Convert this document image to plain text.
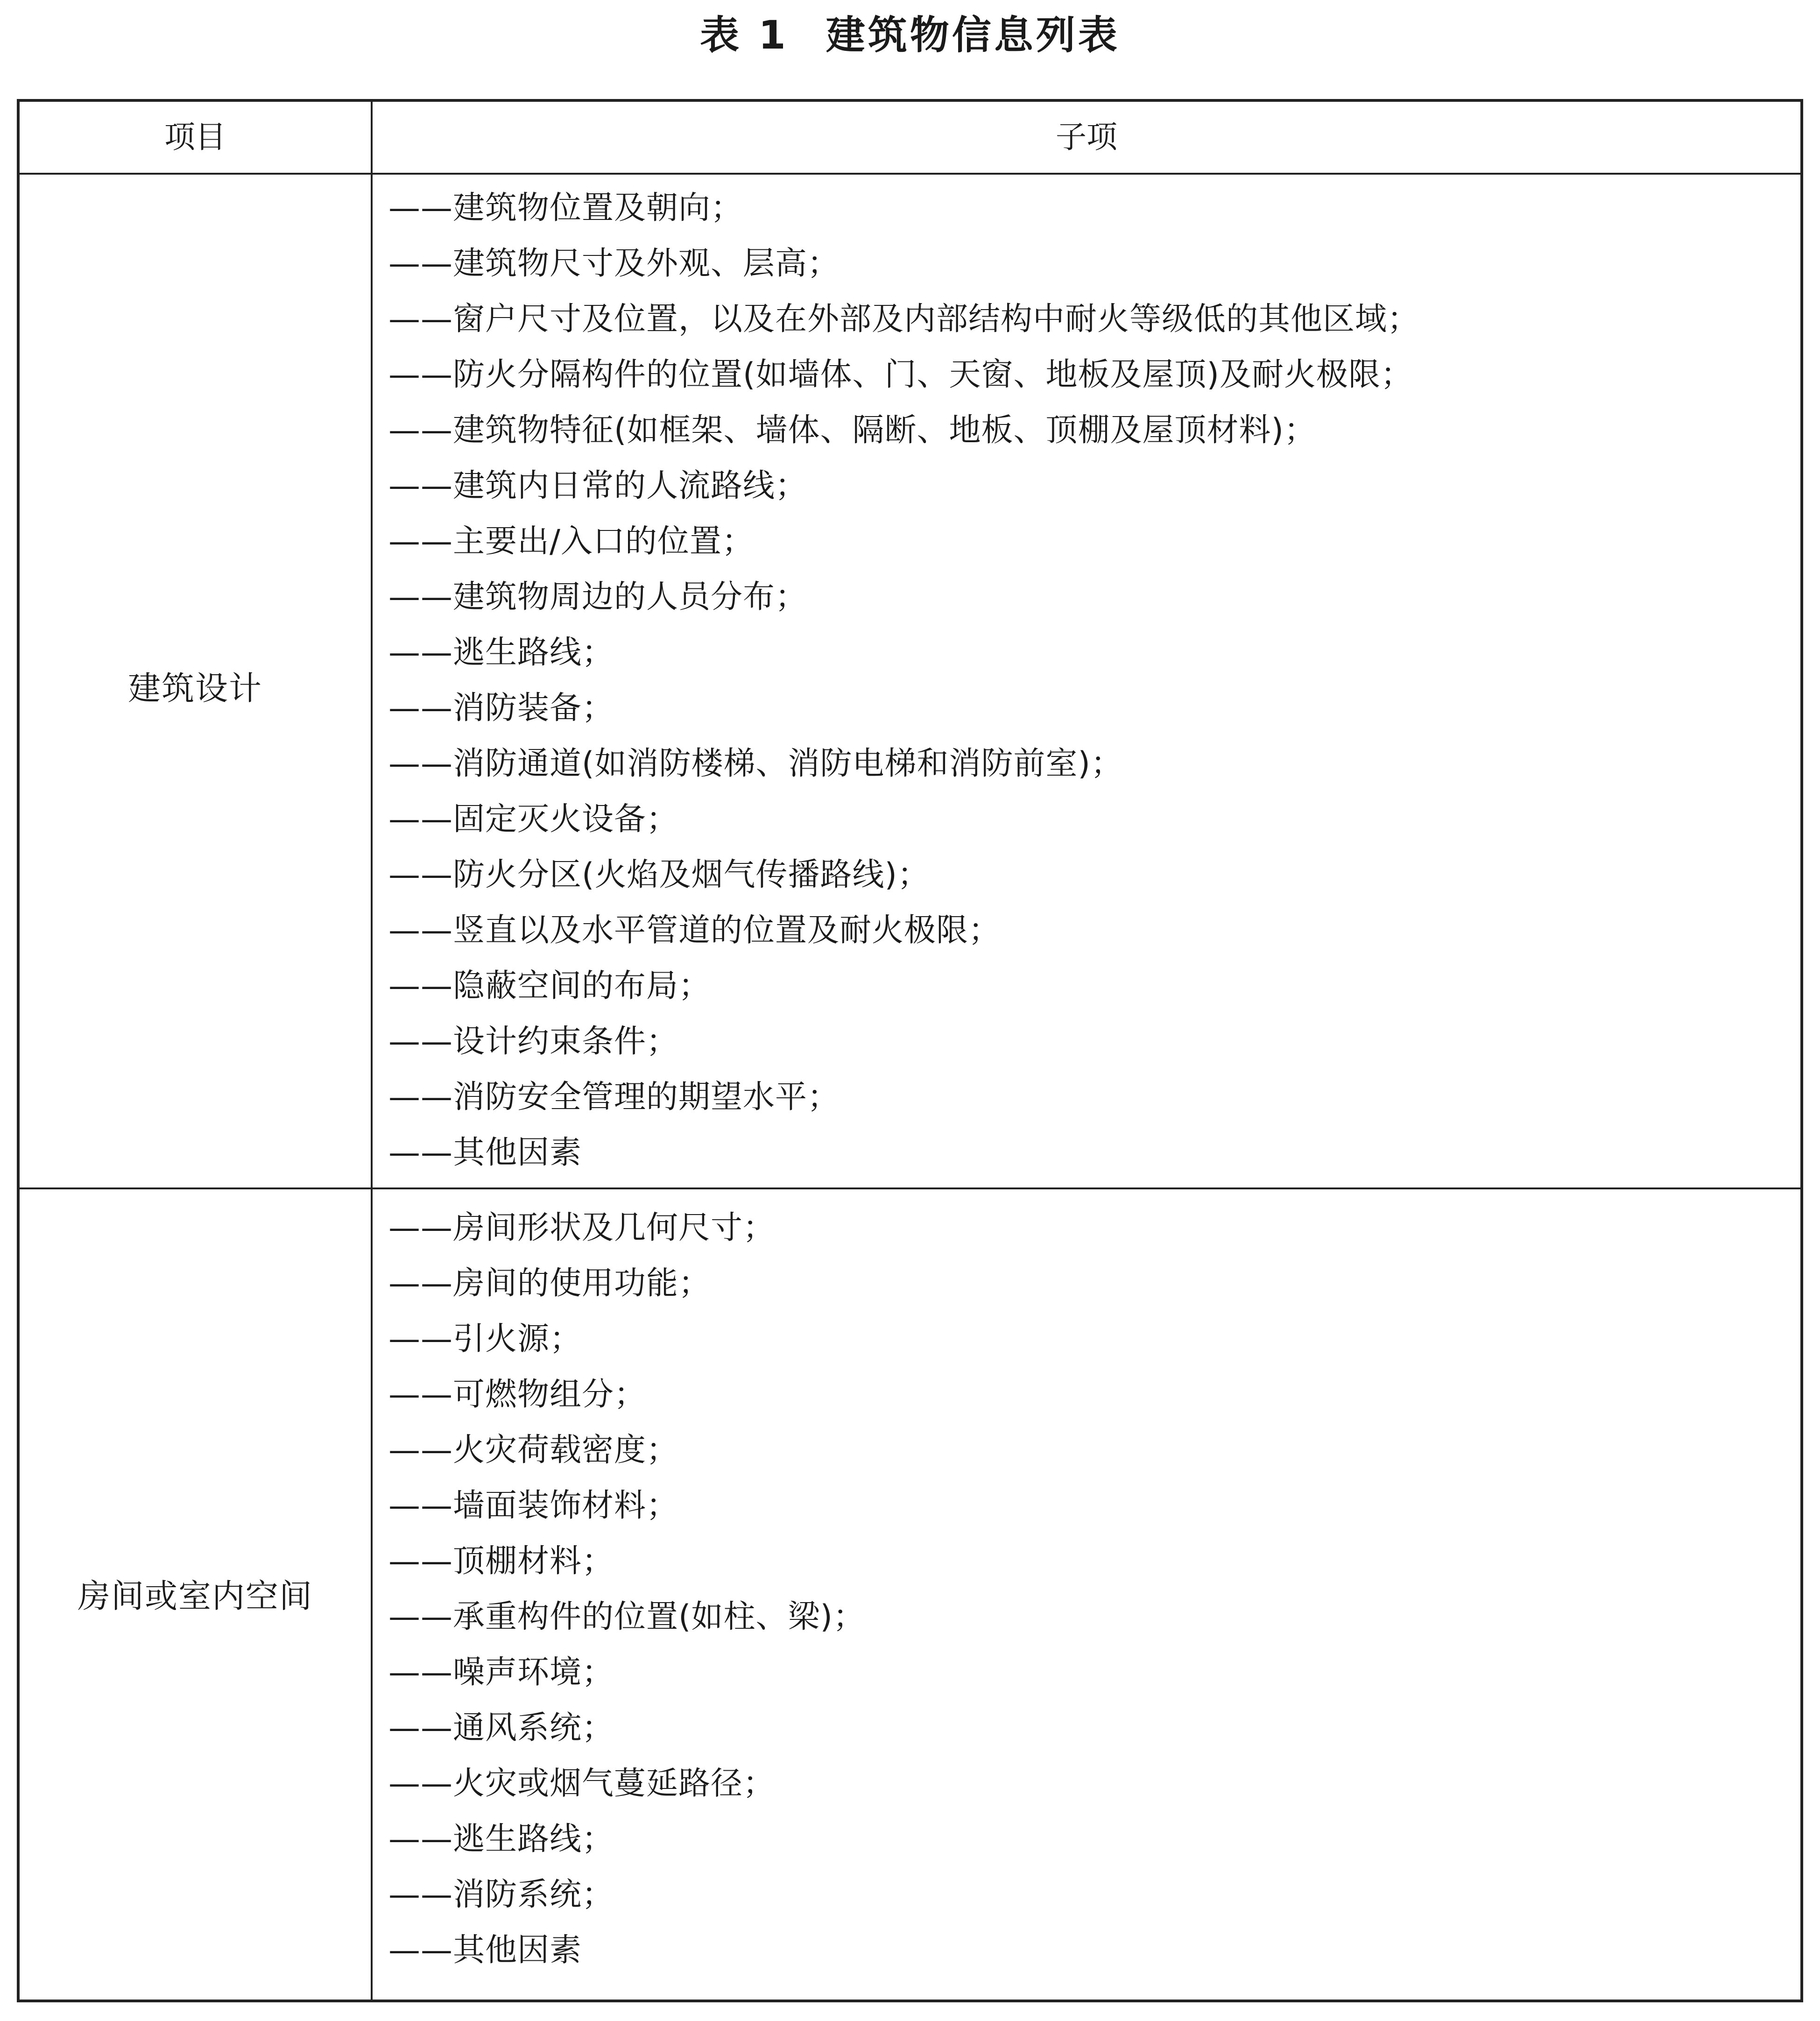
表 1 建筑物信息列表
项目	子项
建筑设计
——建筑物位置及朝向；
——建筑物尺寸及外观、层高；
——窗户尺寸及位置，以及在外部及内部结构中耐火等级低的其他区域；
——防火分隔构件的位置(如墙体、门、天窗、地板及屋顶)及耐火极限；
——建筑物特征(如框架、墙体、隔断、地板、顶棚及屋顶材料)；
——建筑内日常的人流路线；
——主要出/入口的位置；
——建筑物周边的人员分布；
——逃生路线；
——消防装备；
——消防通道(如消防楼梯、消防电梯和消防前室)；
——固定灭火设备；
——防火分区(火焰及烟气传播路线)；
——竖直以及水平管道的位置及耐火极限；
——隐蔽空间的布局；
——设计约束条件；
——消防安全管理的期望水平；
——其他因素
房间或室内空间
——房间形状及几何尺寸；
——房间的使用功能；
——引火源；
——可燃物组分；
——火灾荷载密度；
——墙面装饰材料；
——顶棚材料；
——承重构件的位置(如柱、梁)；
——噪声环境；
——通风系统；
——火灾或烟气蔓延路径；
——逃生路线；
——消防系统；
——其他因素
